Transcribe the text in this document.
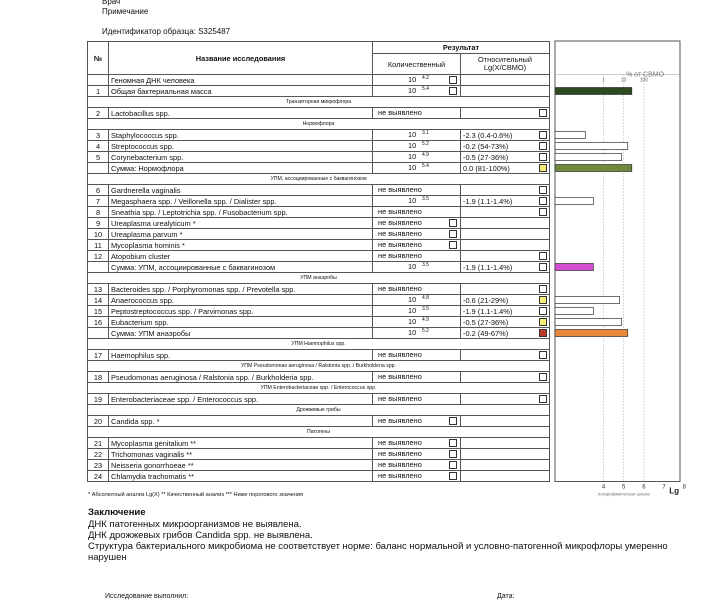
Врач
Примечание
Идентификатор образца: S325487
№	Название исследования	Результат	
		Количественный	Относительный
Lg(X/CBMO)
	Геномная ДНК человека	10 4.2	

1	Общая бактериальная масса	10 5.4	

Транзиторная микрофлора			
2	Lactobacillus spp.	не выявлено	

Нормофлора			
3	Staphylococcus spp.	10 3.1	-2.3 (0.4-0.6%)

4	Streptococcus spp.	10 5.2	-0.2 (54-73%)

5	Corynebacterium spp.	10 4.9	-0.5 (27-36%)

	Сумма: Нормофлора	10 5.4	0.0 (81-100%)

УПМ, ассоциированные с баквагинозом			
6	Gardnerella vaginalis	не выявлено	

7	Megasphaera spp. / Veillonella spp. / Dialister spp.	10 3.5	-1.9 (1.1-1.4%)

8	Sneathia spp. / Leptotrichia spp. / Fusobacterium spp.	не выявлено	

9	Ureaplasma urealyticum *	не выявлено	

10	Ureaplasma parvum *	не выявлено	

11	Mycoplasma hominis *	не выявлено	

12	Atopobium cluster	не выявлено	

	Сумма: УПМ, ассоциированные с баквагинозом	10 3.5	-1.9 (1.1-1.4%)

УПМ анаэробы			
13	Bacteroides spp. / Porphyromonas spp. / Prevotella spp.	не выявлено	

14	Anaerococcus spp.	10 4.8	-0.6 (21-29%)

15	Peptostreptococcus spp. / Parvimonas spp.	10 3.5	-1.9 (1.1-1.4%)

16	Eubacterium spp.	10 4.9	-0.5 (27-36%)

	Сумма: УПМ анаэробы	10 5.2	-0.2 (49-67%)

УПМ Haemophilus spp.			
17	Haemophilus spp.	не выявлено	

УПМ Pseudomonas aeruginosa / Ralstonia spp. / Burkholderia spp.			
18	Pseudomonas aeruginosa / Ralstonia spp. / Burkholderia spp.	не выявлено	

УПМ Enterobacteriaceae spp. / Enterococcus spp.			
19	Enterobacteriaceae spp. / Enterococcus spp.	не выявлено	

Дрожжевые грибы			
20	Candida spp. *	не выявлено	

Патогены			
21	Mycoplasma genitalium **	не выявлено	

22	Trichomonas vaginalis **	не выявлено	

23	Neisseria gonorrhoeae **	не выявлено	

24	Chlamydia trachomatis **	не выявлено	

* Абсолютный анализ Lg(X) ** Качественный анализ *** Ниже порогового значения
1	10	100
% от CBMO
4	5	6	7	8
логарифмическая шкала Lg
Заключение
ДНК патогенных микроорганизмов не выявлена.
ДНК дрожжевых грибов Candida spp. не выявлена.
Структура бактериального микробиома не соответствует норме: баланс нормальной и условно-патогенной микрофлоры умеренно нарушен
Исследование выполнил:	Дата:
